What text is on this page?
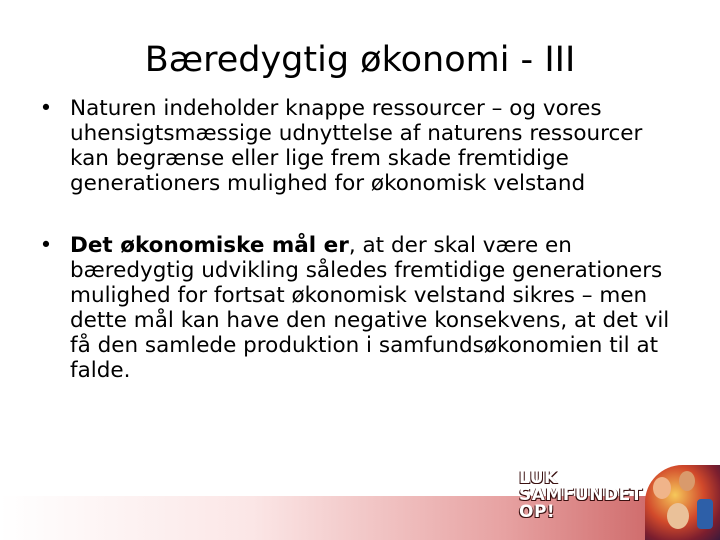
Bæredygtig økonomi - III
• Naturen indeholder knappe ressourcer – og vores uhensigtsmæssige udnyttelse af naturens ressourcer kan begrænse eller lige frem skade fremtidige generationers mulighed for økonomisk velstand
• Det økonomiske mål er, at der skal være en bæredygtig udvikling således fremtidige generationers mulighed for fortsat økonomisk velstand sikres – men dette mål kan have den negative konsekvens, at det vil få den samlede produktion i samfundsøkonomien til at falde.
LUK
SAMFUNDET
OP!
